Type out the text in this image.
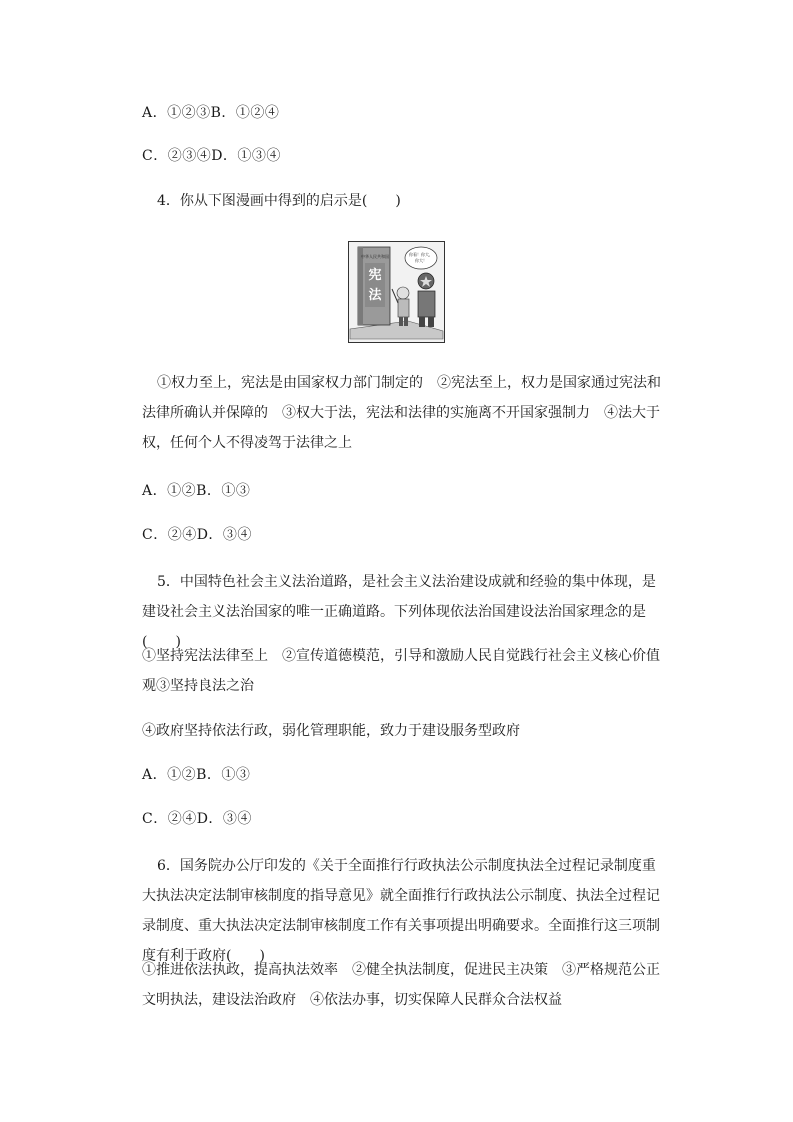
A．①②③B．①②④
C．②③④D．①③④
4．你从下图漫画中得到的启示是(　　)
中华人民共和国
宪
法
你看！你大，
你大！
①权力至上，宪法是由国家权力部门制定的　②宪法至上，权力是国家通过宪法和法律所确认并保障的　③权大于法，宪法和法律的实施离不开国家强制力　④法大于权，任何个人不得凌驾于法律之上
A．①②B．①③
C．②④D．③④
5．中国特色社会主义法治道路，是社会主义法治建设成就和经验的集中体现，是建设社会主义法治国家的唯一正确道路。下列体现依法治国建设法治国家理念的是(　　)
①坚持宪法法律至上　②宣传道德模范，引导和激励人民自觉践行社会主义核心价值观③坚持良法之治
④政府坚持依法行政，弱化管理职能，致力于建设服务型政府
A．①②B．①③
C．②④D．③④
6．国务院办公厅印发的《关于全面推行行政执法公示制度执法全过程记录制度重大执法决定法制审核制度的指导意见》就全面推行行政执法公示制度、执法全过程记录制度、重大执法决定法制审核制度工作有关事项提出明确要求。全面推行这三项制度有利于政府(　　)
①推进依法执政，提高执法效率　②健全执法制度，促进民主决策　③严格规范公正文明执法，建设法治政府　④依法办事，切实保障人民群众合法权益
